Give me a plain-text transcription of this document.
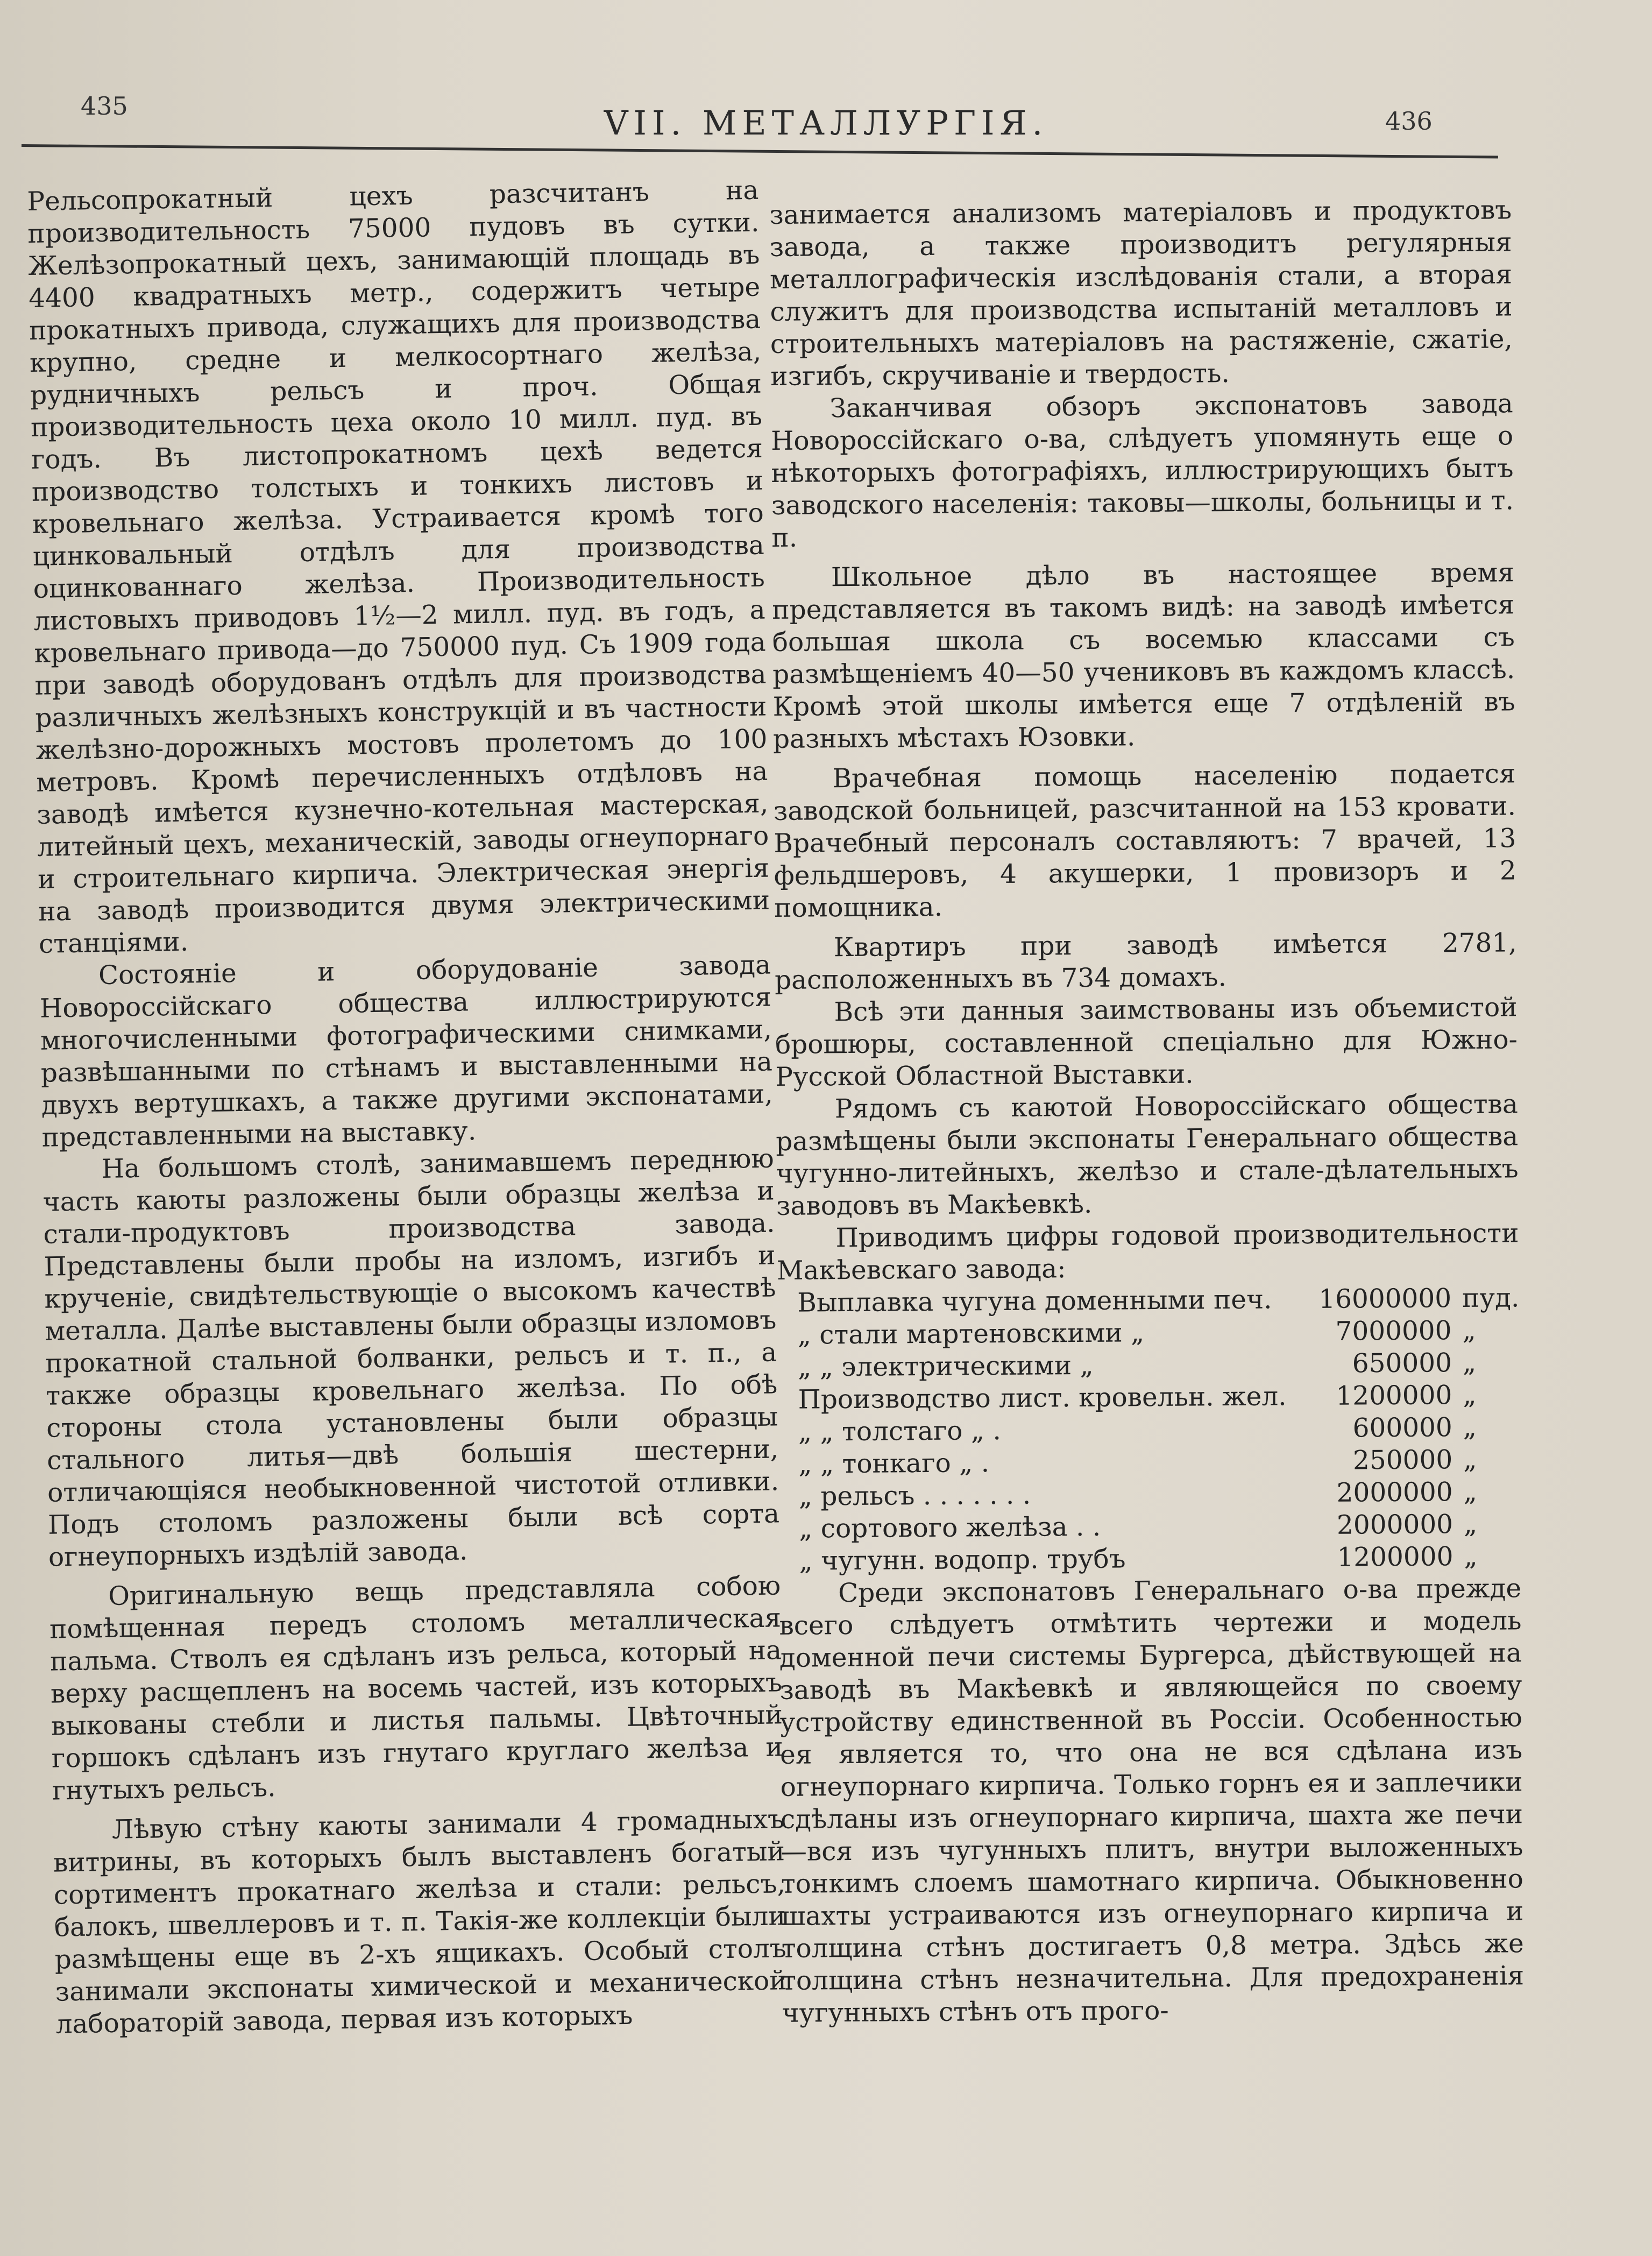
435	VII. МЕТАЛЛУРГІЯ.	436

Рельсопрокатный цехъ разсчитанъ на производительность 75000 пудовъ въ сутки. Желѣзопрокатный цехъ, занимающій площадь въ 4400 квадратныхъ метр., содержитъ четыре прокатныхъ привода, служащихъ для производства крупно, средне и мелкосортнаго желѣза, рудничныхъ рельсъ и проч. Общая производительность цеха около 10 милл. пуд. въ годъ. Въ листопрокатномъ цехѣ ведется производство толстыхъ и тонкихъ листовъ и кровельнаго желѣза. Устраивается кромѣ того цинковальный отдѣлъ для производства оцинкованнаго желѣза. Производительность листовыхъ приводовъ 1½—2 милл. пуд. въ годъ, а кровельнаго привода—до 750000 пуд. Съ 1909 года при заводѣ оборудованъ отдѣлъ для производства различныхъ желѣзныхъ конструкцій и въ частности желѣзно-дорожныхъ мостовъ пролетомъ до 100 метровъ. Кромѣ перечисленныхъ отдѣловъ на заводѣ имѣется кузнечно-котельная мастерская, литейный цехъ, механическій, заводы огнеупорнаго и строительнаго кирпича. Электрическая энергія на заводѣ производится двумя электрическими станціями.

Состояніе и оборудованіе завода Новороссійскаго общества иллюстрируются многочисленными фотографическими снимками, развѣшанными по стѣнамъ и выставленными на двухъ вертушкахъ, а также другими экспонатами, представленными на выставку.

На большомъ столѣ, занимавшемъ переднюю часть каюты разложены были образцы желѣза и стали-продуктовъ производства завода. Представлены были пробы на изломъ, изгибъ и крученіе, свидѣтельствующіе о высокомъ качествѣ металла. Далѣе выставлены были образцы изломовъ прокатной стальной болванки, рельсъ и т. п., а также образцы кровельнаго желѣза. По обѣ стороны стола установлены были образцы стального литья—двѣ большія шестерни, отличающіяся необыкновенной чистотой отливки. Подъ столомъ разложены были всѣ сорта огнеупорныхъ издѣлій завода.

Оригинальную вещь представляла собою помѣщенная передъ столомъ металлическая пальма. Стволъ ея сдѣланъ изъ рельса, который на верху расщепленъ на восемь частей, изъ которыхъ выкованы стебли и листья пальмы. Цвѣточный горшокъ сдѣланъ изъ гнутаго круглаго желѣза и гнутыхъ рельсъ.

Лѣвую стѣну каюты занимали 4 громадныхъ витрины, въ которыхъ былъ выставленъ богатый сортиментъ прокатнаго желѣза и стали: рельсъ, балокъ, швеллеровъ и т. п. Такія-же коллекціи были размѣщены еще въ 2-хъ ящикахъ. Особый столъ занимали экспонаты химической и механической лабораторій завода, первая изъ которыхъ

занимается анализомъ матеріаловъ и продуктовъ завода, а также производитъ регулярныя металлографическія изслѣдованія стали, а вторая служитъ для производства испытаній металловъ и строительныхъ матеріаловъ на растяженіе, сжатіе, изгибъ, скручиваніе и твердость.

Заканчивая обзоръ экспонатовъ завода Новороссійскаго о-ва, слѣдуетъ упомянуть еще о нѣкоторыхъ фотографіяхъ, иллюстрирующихъ бытъ заводского населенія: таковы—школы, больницы и т. п.

Школьное дѣло въ настоящее время представляется въ такомъ видѣ: на заводѣ имѣется большая школа съ восемью классами съ размѣщеніемъ 40—50 учениковъ въ каждомъ классѣ. Кромѣ этой школы имѣется еще 7 отдѣленій въ разныхъ мѣстахъ Юзовки.

Врачебная помощь населенію подается заводской больницей, разсчитанной на 153 кровати. Врачебный персоналъ составляютъ: 7 врачей, 13 фельдшеровъ, 4 акушерки, 1 провизоръ и 2 помощника.

Квартиръ при заводѣ имѣется 2781, расположенныхъ въ 734 домахъ.

Всѣ эти данныя заимствованы изъ объемистой брошюры, составленной спеціально для Южно-Русской Областной Выставки.

Рядомъ съ каютой Новороссійскаго общества размѣщены были экспонаты Генеральнаго общества чугунно-литейныхъ, желѣзо и стале-дѣлательныхъ заводовъ въ Макѣевкѣ.

Приводимъ цифры годовой производительности Макѣевскаго завода:

Выплавка чугуна доменными печ.	16000000	пуд.
„ стали мартеновскими „	7000000	„
„ „ электрическими „	650000	„
Производство лист. кровельн. жел.	1200000	„
„ „ толстаго „ .	600000	„
„ „ тонкаго „ .	250000	„
„ рельсъ . . . . . . .	2000000	„
„ сортового желѣза . .	2000000	„
„ чугунн. водопр. трубъ	1200000	„

Среди экспонатовъ Генеральнаго о-ва прежде всего слѣдуетъ отмѣтить чертежи и модель доменной печи системы Бургерса, дѣйствующей на заводѣ въ Макѣевкѣ и являющейся по своему устройству единственной въ Россіи. Особенностью ея является то, что она не вся сдѣлана изъ огнеупорнаго кирпича. Только горнъ ея и заплечики сдѣланы изъ огнеупорнаго кирпича, шахта же печи—вся изъ чугунныхъ плитъ, внутри выложенныхъ тонкимъ слоемъ шамотнаго кирпича. Обыкновенно шахты устраиваются изъ огнеупорнаго кирпича и толщина стѣнъ достигаетъ 0,8 метра. Здѣсь же толщина стѣнъ незначительна. Для предохраненія чугунныхъ стѣнъ отъ прого-
